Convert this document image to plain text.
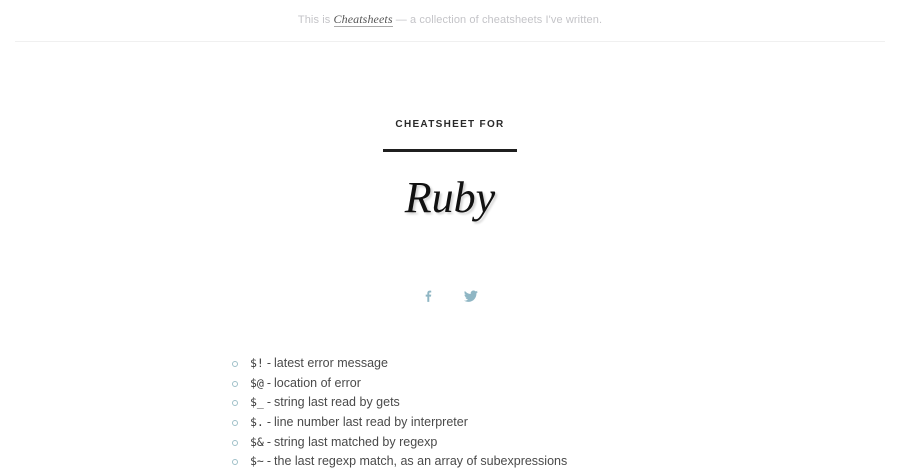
This is Cheatsheets — a collection of cheatsheets I've written.
CHEATSHEET FOR
Ruby
$! - latest error message
$@ - location of error
$_ - string last read by gets
$. - line number last read by interpreter
$& - string last matched by regexp
$~ - the last regexp match, as an array of subexpressions
